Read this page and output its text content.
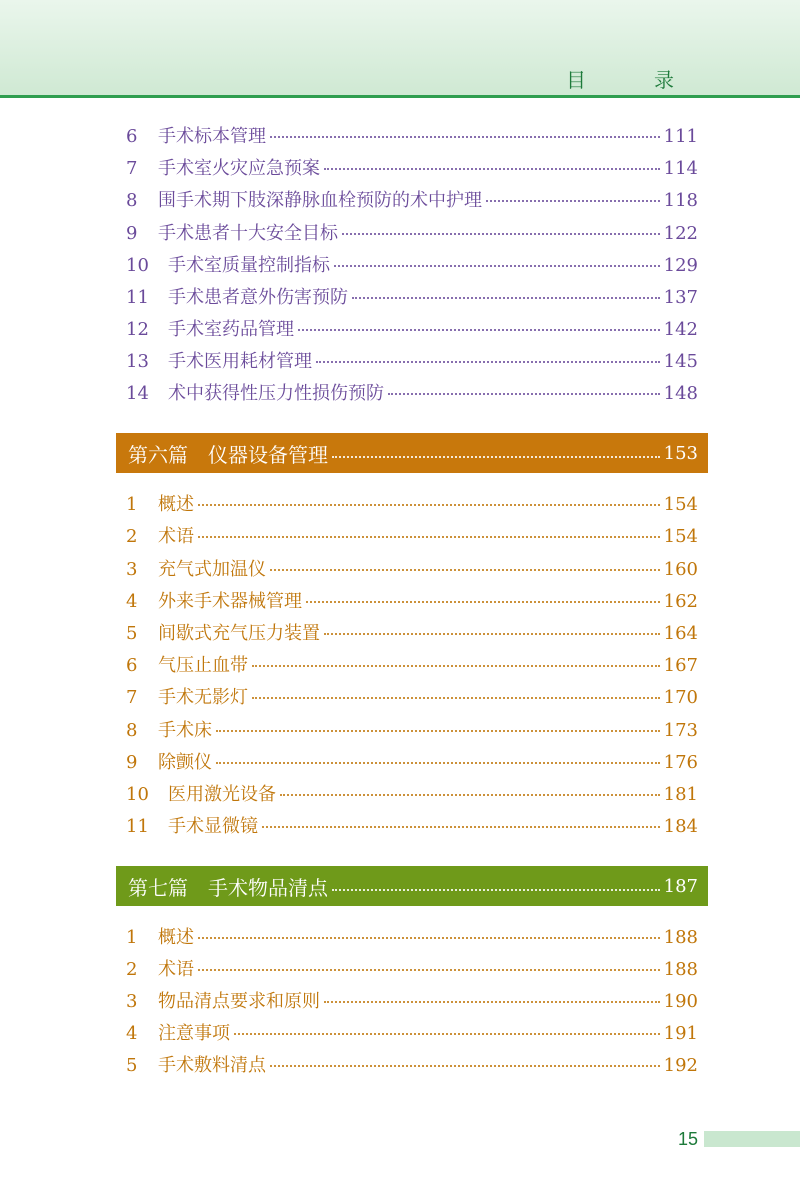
目　录
6	手术标本管理	111
7	手术室火灾应急预案	114
8	围手术期下肢深静脉血栓预防的术中护理	118
9	手术患者十大安全目标	122
10	手术室质量控制指标	129
11	手术患者意外伤害预防	137
12	手术室药品管理	142
13	手术医用耗材管理	145
14	术中获得性压力性损伤预防	148
第六篇　仪器设备管理	153
1	概述	154
2	术语	154
3	充气式加温仪	160
4	外来手术器械管理	162
5	间歇式充气压力装置	164
6	气压止血带	167
7	手术无影灯	170
8	手术床	173
9	除颤仪	176
10	医用激光设备	181
11	手术显微镜	184
第七篇　手术物品清点	187
1	概述	188
2	术语	188
3	物品清点要求和原则	190
4	注意事项	191
5	手术敷料清点	192
15
